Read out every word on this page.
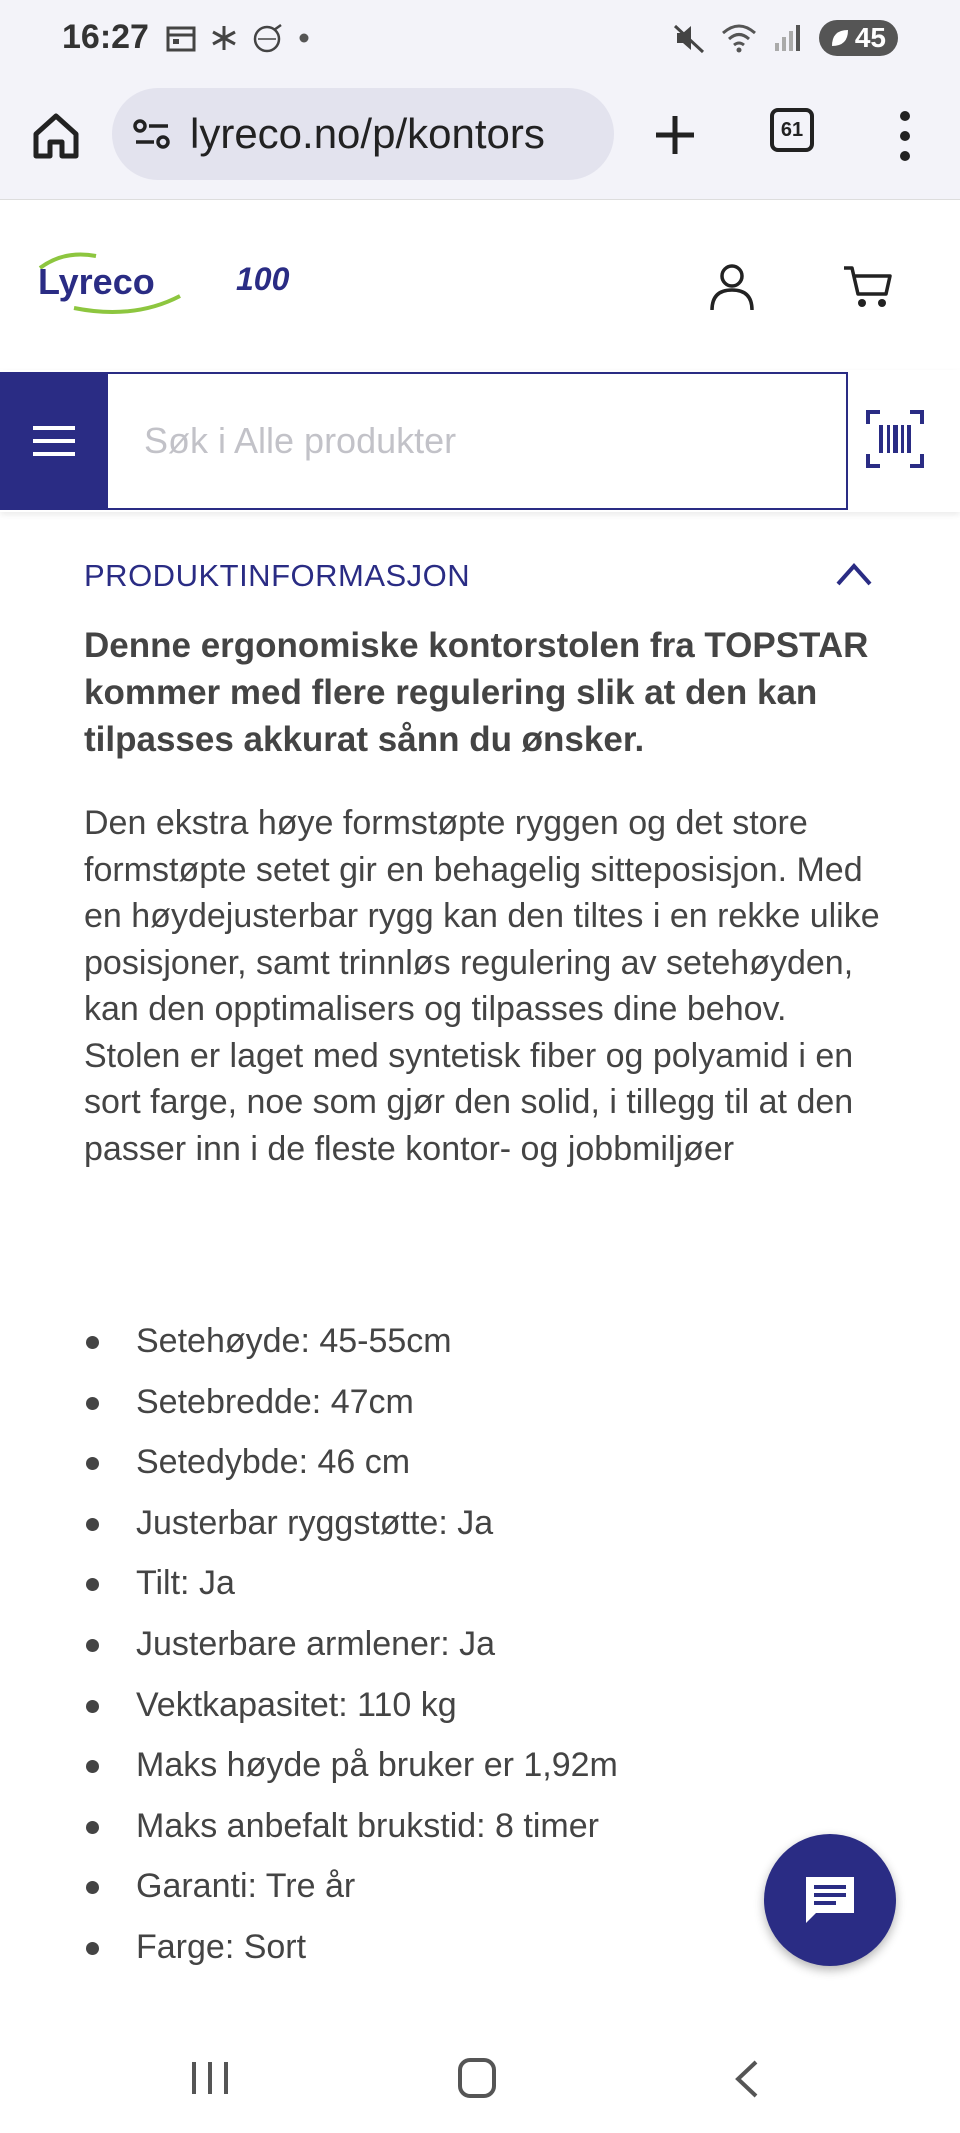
16:27	45
lyreco.no/p/kontors	61
Lyreco	100
Søk i Alle produkter
PRODUKTINFORMASJON

Denne ergonomiske kontorstolen fra TOPSTAR kommer med flere regulering slik at den kan tilpasses akkurat sånn du ønsker.

Den ekstra høye formstøpte ryggen og det store formstøpte setet gir en behagelig sitteposisjon. Med en høydejusterbar rygg kan den tiltes i en rekke ulike posisjoner, samt trinnløs regulering av setehøyden, kan den opptimalisers og tilpasses dine behov.

Stolen er laget med syntetisk fiber og polyamid i en sort farge, noe som gjør den solid, i tillegg til at den passer inn i de fleste kontor- og jobbmiljøer

Setehøyde: 45-55cm
Setebredde: 47cm
Setedybde: 46 cm
Justerbar ryggstøtte: Ja
Tilt: Ja
Justerbare armlener: Ja
Vektkapasitet: 110 kg
Maks høyde på bruker er 1,92m
Maks anbefalt brukstid: 8 timer
Garanti: Tre år
Farge: Sort
